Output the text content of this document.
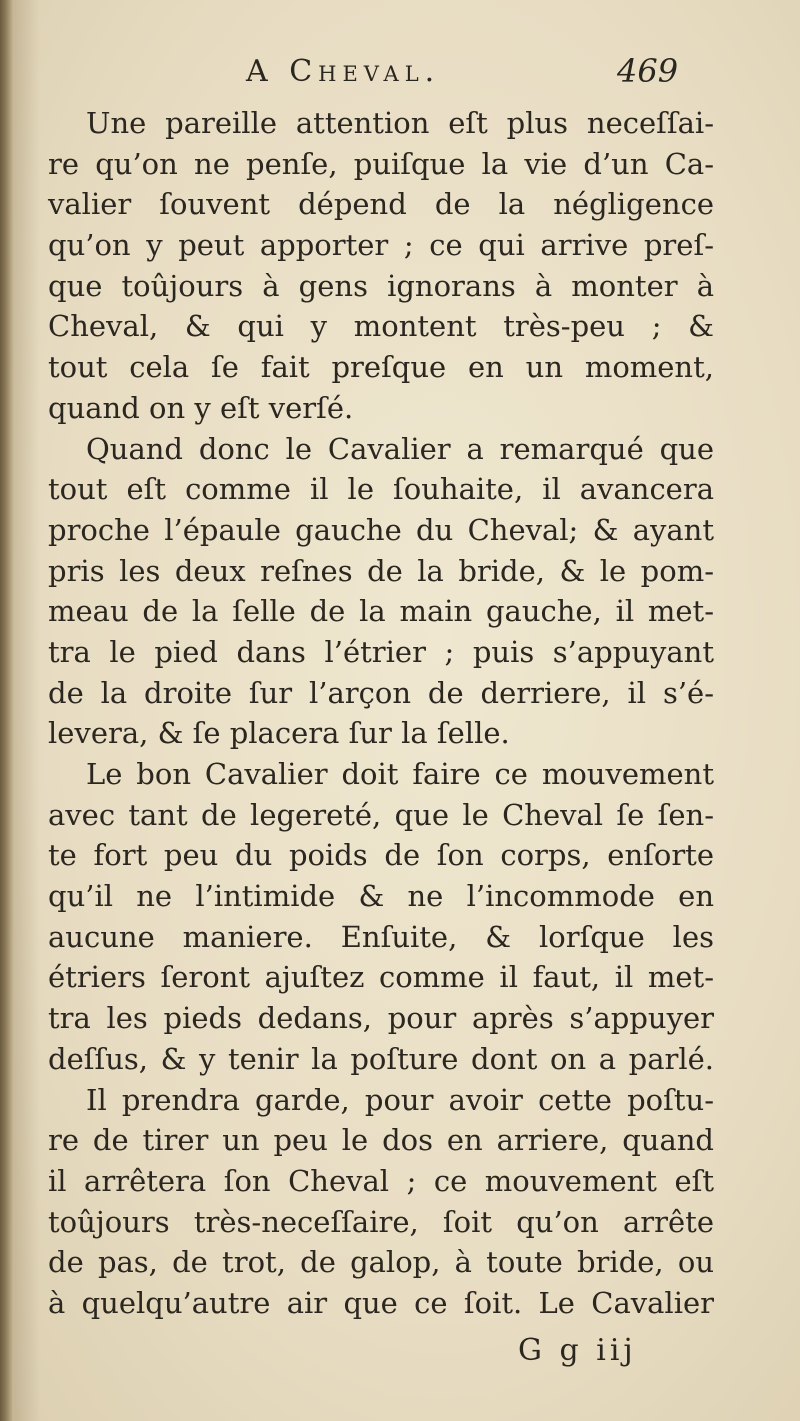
A Cheval.	469
Une pareille attention eſt plus neceſſai-
re qu’on ne penſe, puiſque la vie d’un Ca-
valier ſouvent dépend de la négligence
qu’on y peut apporter ; ce qui arrive preſ-
que toûjours à gens ignorans à monter à
Cheval, & qui y montent très-peu ; &
tout cela ſe fait preſque en un moment,
quand on y eſt verſé.
Quand donc le Cavalier a remarqué que
tout eſt comme il le ſouhaite, il avancera
proche l’épaule gauche du Cheval; & ayant
pris les deux reſnes de la bride, & le pom-
meau de la ſelle de la main gauche, il met-
tra le pied dans l’étrier ; puis s’appuyant
de la droite ſur l’arçon de derriere, il s’é-
levera, & ſe placera ſur la ſelle.
Le bon Cavalier doit faire ce mouvement
avec tant de legereté, que le Cheval ſe ſen-
te fort peu du poids de ſon corps, enſorte
qu’il ne l’intimide & ne l’incommode en
aucune maniere. Enſuite, & lorſque les
étriers ſeront ajuſtez comme il faut, il met-
tra les pieds dedans, pour après s’appuyer
deſſus, & y tenir la poſture dont on a parlé.
Il prendra garde, pour avoir cette poſtu-
re de tirer un peu le dos en arriere, quand
il arrêtera ſon Cheval ; ce mouvement eſt
toûjours très-neceſſaire, ſoit qu’on arrête
de pas, de trot, de galop, à toute bride, ou
à quelqu’autre air que ce ſoit. Le Cavalier
G g iij
